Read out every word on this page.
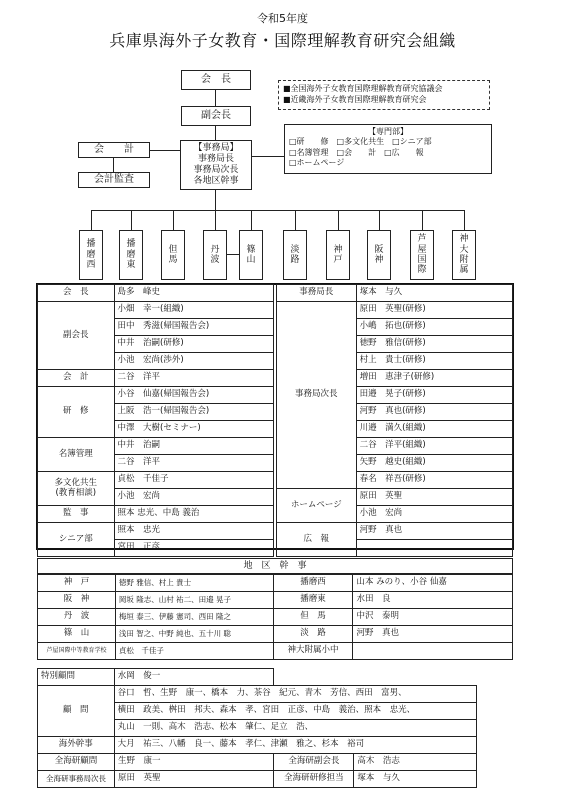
令和5年度
兵庫県海外子女教育・国際理解教育研究会組織
会　長
副会長
【事務局】
事務局長
事務局次長
各地区幹事
会　　計
会計監査
■全国海外子女教育国際理解教育研究協議会
■近畿海外子女教育国際理解教育研究会
【専門部】
□研　　修　□多文化共生　□シニア部
□名簿管理　□会　　計　□広　　報
□ホームページ
播
磨
西
播
磨
東
但
馬
丹
波
篠
山
淡
路
神
戸
阪
神
芦
屋
国
際
神
大
附
属
会　長	島多　峰史
副会長	小畑　幸一(組織)
	田中　秀滋(帰国報告会)
	中井　治嗣(研修)
	小池　宏尚(渉外)
会　計	二谷　洋平
研　修	小谷　仙嘉(帰国報告会)
	上阪　浩一(帰国報告会)
	中澤　大樹(セミナー)
名簿管理	中井　治嗣
	二谷　洋平
多文化共生
(教育相談)	貞松　千佳子
	小池　宏尚
監　事	照本 忠光、中島 義治
シニア部	照本　忠光
	宮田　正彦
事務局長	塚本　与久
事務局次長	原田　英聖(研修)
	小嶋　拓也(研修)
	徳野　雅信(研修)
	村上　貴士(研修)
	増田　恵津子(研修)
	田邉　晃子(研修)
	河野　真也(研修)
	川邉　満久(組織)
	二谷　洋平(組織)
	矢野　越史(組織)
	春名　祥吾(研修)
ホームページ	原田　英聖
	小池　宏尚
広　報	河野　真也

地　区　幹　事
神　戸	徳野 雅信、村上 貴士	播磨西	山本 みのり、小谷 仙嘉
阪　神	岡坂 隆志、山村 祐二、田邉 晃子	播磨東	水田　良
丹　波	梅垣 泰三、伊藤 憲司、西田 隆之	但　馬	中沢　泰明
篠　山	浅田 智之、中野 純也、五十川 聡	淡　路	河野　真也
芦屋国際中等教育学校	貞松　千佳子	神大附属小中	
特別顧問	水岡　俊一
顧　問	谷口　哲、生野　康一、橋本　力、茶谷　紀元、青木　芳信、西田　富男、
	横田　政美、桝田　邦夫、森本　孝、宮田　正彦、中島　義治、照本　忠光、
	丸山　一則、高木　浩志、松本　肇仁、足立　浩、
海外幹事	大月　祐三、八幡　良一、藤本　孝仁、津瀬　雅之、杉本　裕司
全海研顧問	生野　康一	全海研副会長	高木　浩志
全海研事務局次長	原田　英聖	全海研研修担当	塚本　与久
